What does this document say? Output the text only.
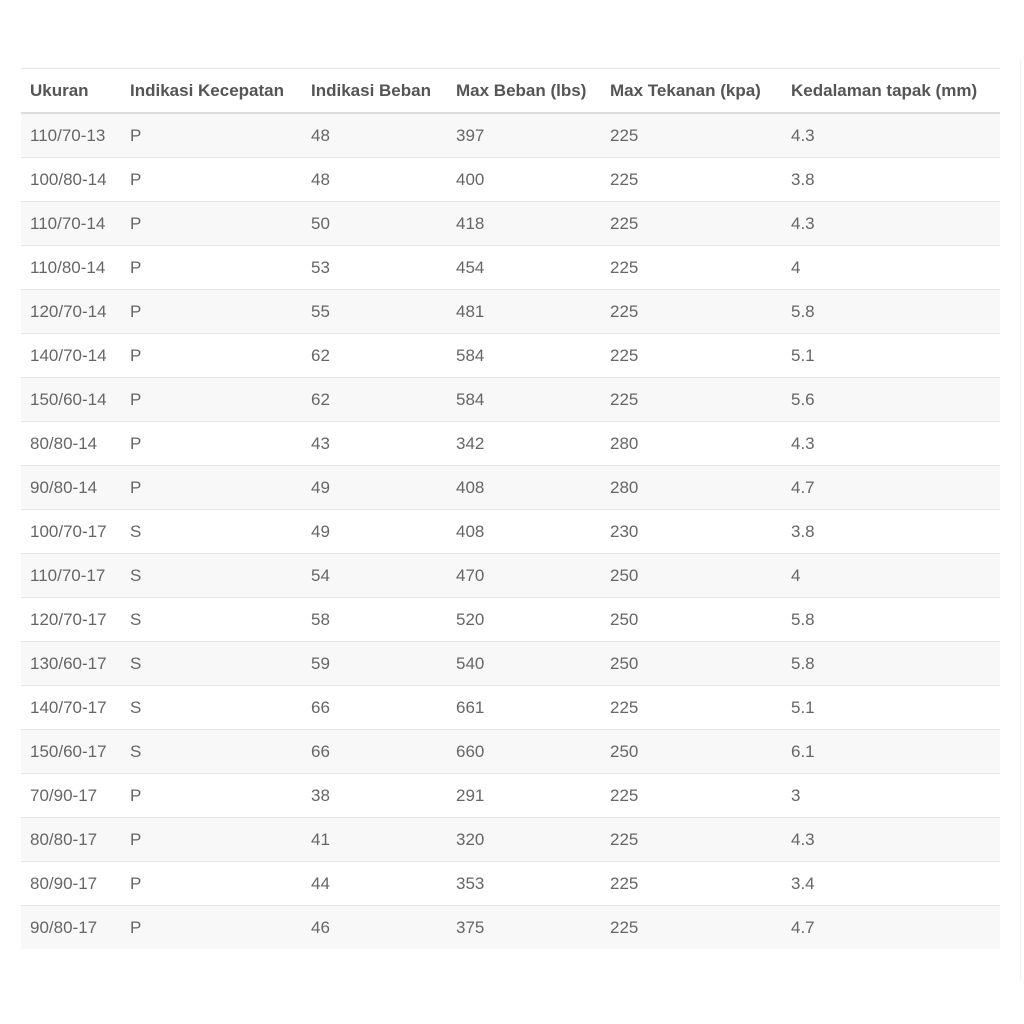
Ukuran	Indikasi Kecepatan	Indikasi Beban	Max Beban (lbs)	Max Tekanan (kpa)	Kedalaman tapak (mm)
110/70-13	P	48	397	225	4.3
100/80-14	P	48	400	225	3.8
110/70-14	P	50	418	225	4.3
110/80-14	P	53	454	225	4
120/70-14	P	55	481	225	5.8
140/70-14	P	62	584	225	5.1
150/60-14	P	62	584	225	5.6
80/80-14	P	43	342	280	4.3
90/80-14	P	49	408	280	4.7
100/70-17	S	49	408	230	3.8
110/70-17	S	54	470	250	4
120/70-17	S	58	520	250	5.8
130/60-17	S	59	540	250	5.8
140/70-17	S	66	661	225	5.1
150/60-17	S	66	660	250	6.1
70/90-17	P	38	291	225	3
80/80-17	P	41	320	225	4.3
80/90-17	P	44	353	225	3.4
90/80-17	P	46	375	225	4.7
